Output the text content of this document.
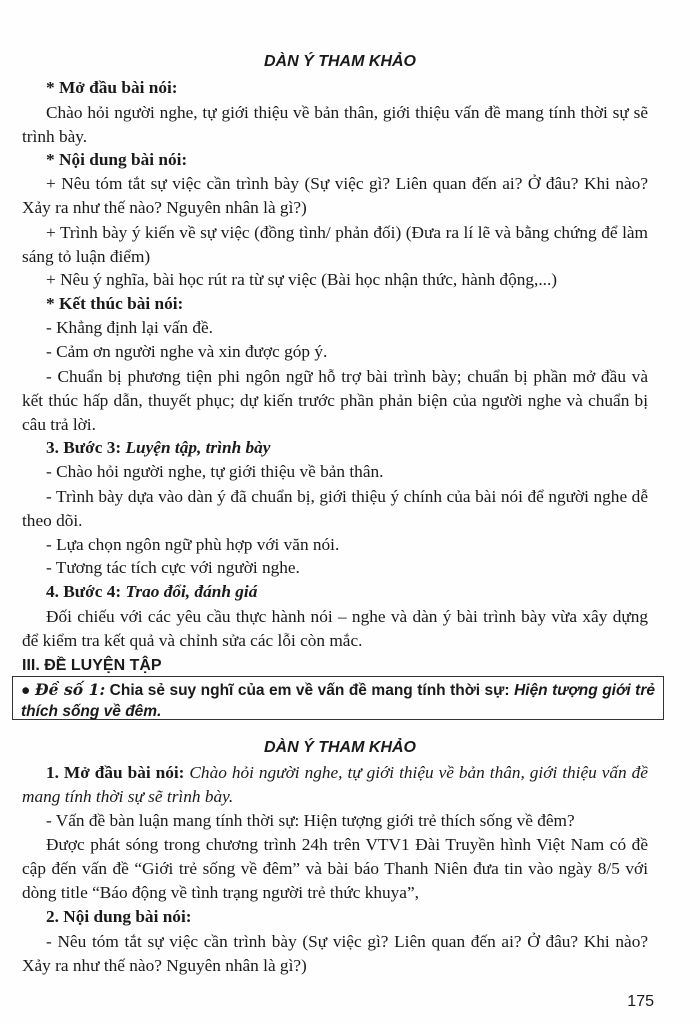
DÀN Ý THAM KHẢO

* Mở đầu bài nói:

Chào hỏi người nghe, tự giới thiệu về bản thân, giới thiệu vấn đề mang tính thời sự sẽ trình bày.

* Nội dung bài nói:

+ Nêu tóm tắt sự việc cần trình bày (Sự việc gì? Liên quan đến ai? Ở đâu? Khi nào? Xảy ra như thế nào? Nguyên nhân là gì?)

+ Trình bày ý kiến về sự việc (đồng tình/ phản đối) (Đưa ra lí lẽ và bằng chứng để làm sáng tỏ luận điểm)

+ Nêu ý nghĩa, bài học rút ra từ sự việc (Bài học nhận thức, hành động,...)

* Kết thúc bài nói:

- Khẳng định lại vấn đề.

- Cảm ơn người nghe và xin được góp ý.

- Chuẩn bị phương tiện phi ngôn ngữ hỗ trợ bài trình bày; chuẩn bị phần mở đầu và kết thúc hấp dẫn, thuyết phục; dự kiến trước phần phản biện của người nghe và chuẩn bị câu trả lời.

3. Bước 3: Luyện tập, trình bày

- Chào hỏi người nghe, tự giới thiệu về bản thân.

- Trình bày dựa vào dàn ý đã chuẩn bị, giới thiệu ý chính của bài nói để người nghe dễ theo dõi.

- Lựa chọn ngôn ngữ phù hợp với văn nói.

- Tương tác tích cực với người nghe.

4. Bước 4: Trao đổi, đánh giá

Đối chiếu với các yêu cầu thực hành nói – nghe và dàn ý bài trình bày vừa xây dựng để kiểm tra kết quả và chỉnh sửa các lỗi còn mắc.

III. ĐỀ LUYỆN TẬP
● Đề số 1: Chia sẻ suy nghĩ của em về vấn đề mang tính thời sự: Hiện tượng giới trẻ thích sống về đêm.
DÀN Ý THAM KHẢO

1. Mở đầu bài nói: Chào hỏi người nghe, tự giới thiệu về bản thân, giới thiệu vấn đề mang tính thời sự sẽ trình bày.

- Vấn đề bàn luận mang tính thời sự: Hiện tượng giới trẻ thích sống về đêm?

Được phát sóng trong chương trình 24h trên VTV1 Đài Truyền hình Việt Nam có đề cập đến vấn đề “Giới trẻ sống về đêm” và bài báo Thanh Niên đưa tin vào ngày 8/5 với dòng title “Báo động về tình trạng người trẻ thức khuya”,

2. Nội dung bài nói:

- Nêu tóm tắt sự việc cần trình bày (Sự việc gì? Liên quan đến ai? Ở đâu? Khi nào? Xảy ra như thế nào? Nguyên nhân là gì?)

175
